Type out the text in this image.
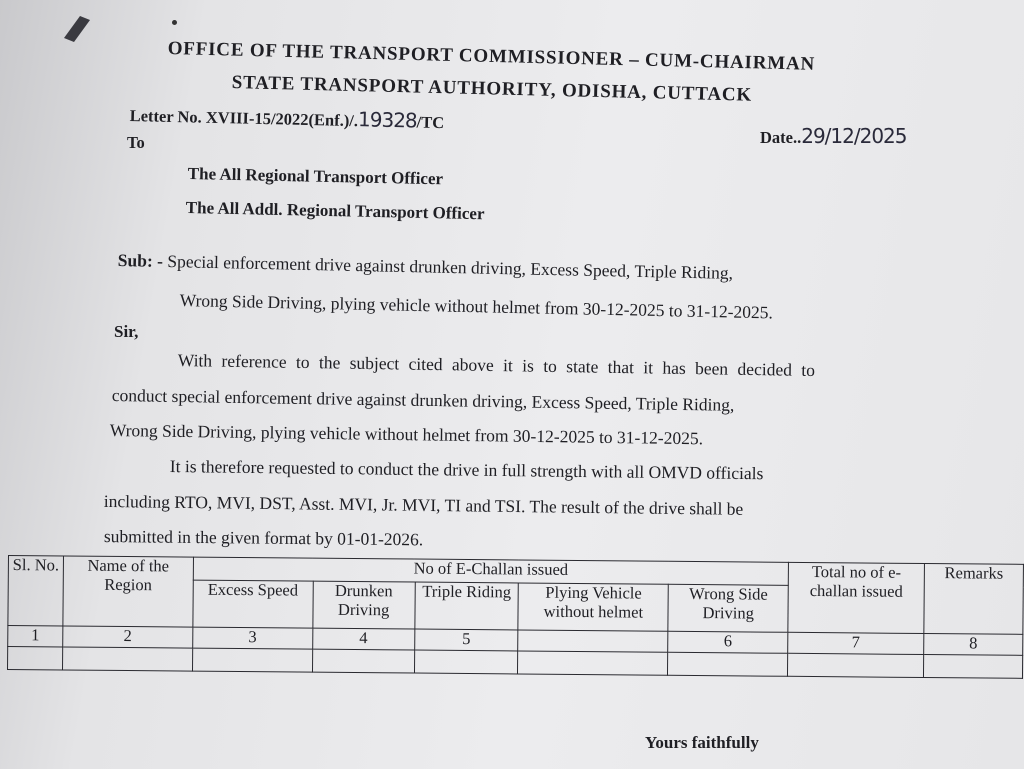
OFFICE OF THE TRANSPORT COMMISSIONER – CUM-CHAIRMAN
STATE TRANSPORT AUTHORITY, ODISHA, CUTTACK
Letter No. XVIII-15/2022(Enf.)/.19328/TC
To	Date..29/12/2025
The All Regional Transport Officer
The All Addl. Regional Transport Officer
Sub: - Special enforcement drive against drunken driving, Excess Speed, Triple Riding,
Wrong Side Driving, plying vehicle without helmet from 30-12-2025 to 31-12-2025.
Sir,
With reference to the subject cited above it is to state that it has been decided to
conduct special enforcement drive against drunken driving, Excess Speed, Triple Riding,
Wrong Side Driving, plying vehicle without helmet from 30-12-2025 to 31-12-2025.
It is therefore requested to conduct the drive in full strength with all OMVD officials
including RTO, MVI, DST, Asst. MVI, Jr. MVI, TI and TSI. The result of the drive shall be
submitted in the given format by 01-01-2026.
Sl. No.	Name of the Region	No of E-Challan issued					Total no of e-challan issued	Remarks
		Excess Speed	Drunken Driving	Triple Riding	Plying Vehicle without helmet	Wrong Side Driving		
1	2	3	4	5		6	7	8

Yours faithfully
